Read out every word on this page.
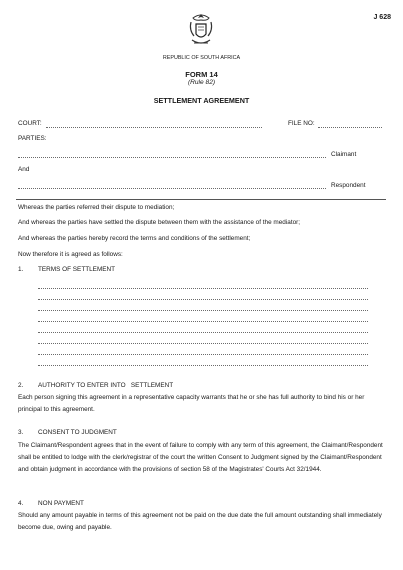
J 628
REPUBLIC OF SOUTH AFRICA
FORM 14
(Rule 82)
SETTLEMENT AGREEMENT
COURT:	FILE NO:
PARTIES:
Claimant
And
Respondent
Whereas the parties referred their dispute to mediation;
And whereas the parties have settled the dispute between them with the assistance of the mediator;
And whereas the parties hereby record the terms and conditions of the settlement;
Now therefore it is agreed as follows:
1. TERMS OF SETTLEMENT
2. AUTHORITY TO ENTER INTO   SETTLEMENT
Each person signing this agreement in a representative capacity warrants that he or she has full authority to bind his or her principal to this agreement.
3. CONSENT TO JUDGMENT
The Claimant/Respondent agrees that in the event of failure to comply with any term of this agreement, the Claimant/Respondent shall be entitled to lodge with the clerk/registrar of the court the written Consent to Judgment signed by the Claimant/Respondent and obtain judgment in accordance with the provisions of section 58 of the Magistrates' Courts Act 32/1944.
4. NON PAYMENT
Should any amount payable in terms of this agreement not be paid on the due date the full amount outstanding shall immediately become due, owing and payable.
